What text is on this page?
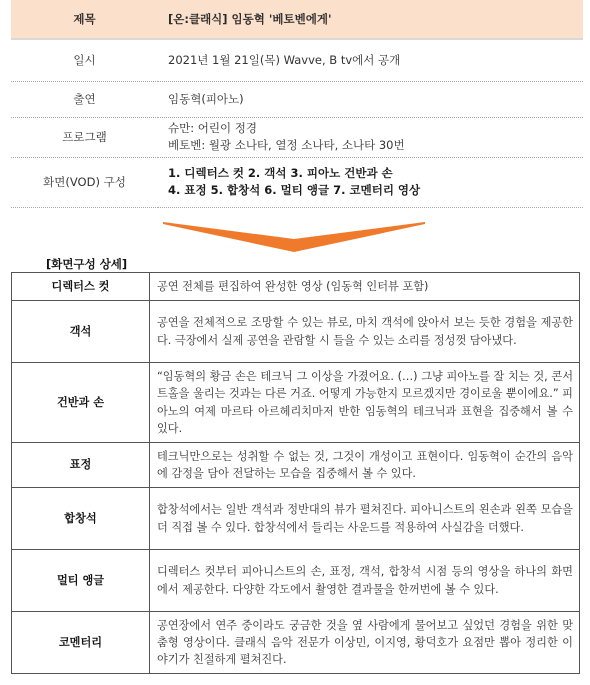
제목	[온:클래식] 임동혁 '베토벤에게'
일시	2021년 1월 21일(목) Wavve, B tv에서 공개
출연	임동혁(피아노)
프로그램	슈만: 어린이 정경
베토벤: 월광 소나타, 열정 소나타, 소나타 30번

화면(VOD) 구성	1. 디렉터스 컷 2. 객석 3. 피아노 건반과 손
4. 표정 5. 합창석 6. 멀티 앵글 7. 코멘터리 영상
[화면구성 상세]
디렉터스 컷	공연 전체를 편집하여 완성한 영상 (임동혁 인터뷰 포함)
객석	공연을 전체적으로 조망할 수 있는 뷰로, 마치 객석에 앉아서 보는 듯한 경험을 제공한다. 극장에서 실제 공연을 관람할 시 들을 수 있는 소리를 정성껏 담아냈다.
건반과 손	“임동혁의 황금 손은 테크닉 그 이상을 가졌어요. (…) 그냥 피아노를 잘 치는 것, 콘서트홀을 울리는 것과는 다른 거죠. 어떻게 가능한지 모르겠지만 경이로울 뿐이에요.” 피아노의 여제 마르타 아르헤리치마저 반한 임동혁의 테크닉과 표현을 집중해서 볼 수 있다.
표정	테크닉만으로는 성취할 수 없는 것, 그것이 개성이고 표현이다. 임동혁이 순간의 음악에 감정을 담아 전달하는 모습을 집중해서 볼 수 있다.
합창석	합창석에서는 일반 객석과 정반대의 뷰가 펼쳐진다. 피아니스트의 왼손과 왼쪽 모습을 더 직접 볼 수 있다. 합창석에서 들리는 사운드를 적용하여 사실감을 더했다.
멀티 앵글	디렉터스 컷부터 피아니스트의 손, 표정, 객석, 합창석 시점 등의 영상을 하나의 화면에서 제공한다. 다양한 각도에서 촬영한 결과물을 한꺼번에 볼 수 있다.
코멘터리	공연장에서 연주 중이라도 궁금한 것을 옆 사람에게 물어보고 싶었던 경험을 위한 맞춤형 영상이다. 클래식 음악 전문가 이상민, 이지영, 황덕호가 요점만 뽑아 정리한 이야기가 친절하게 펼쳐진다.
